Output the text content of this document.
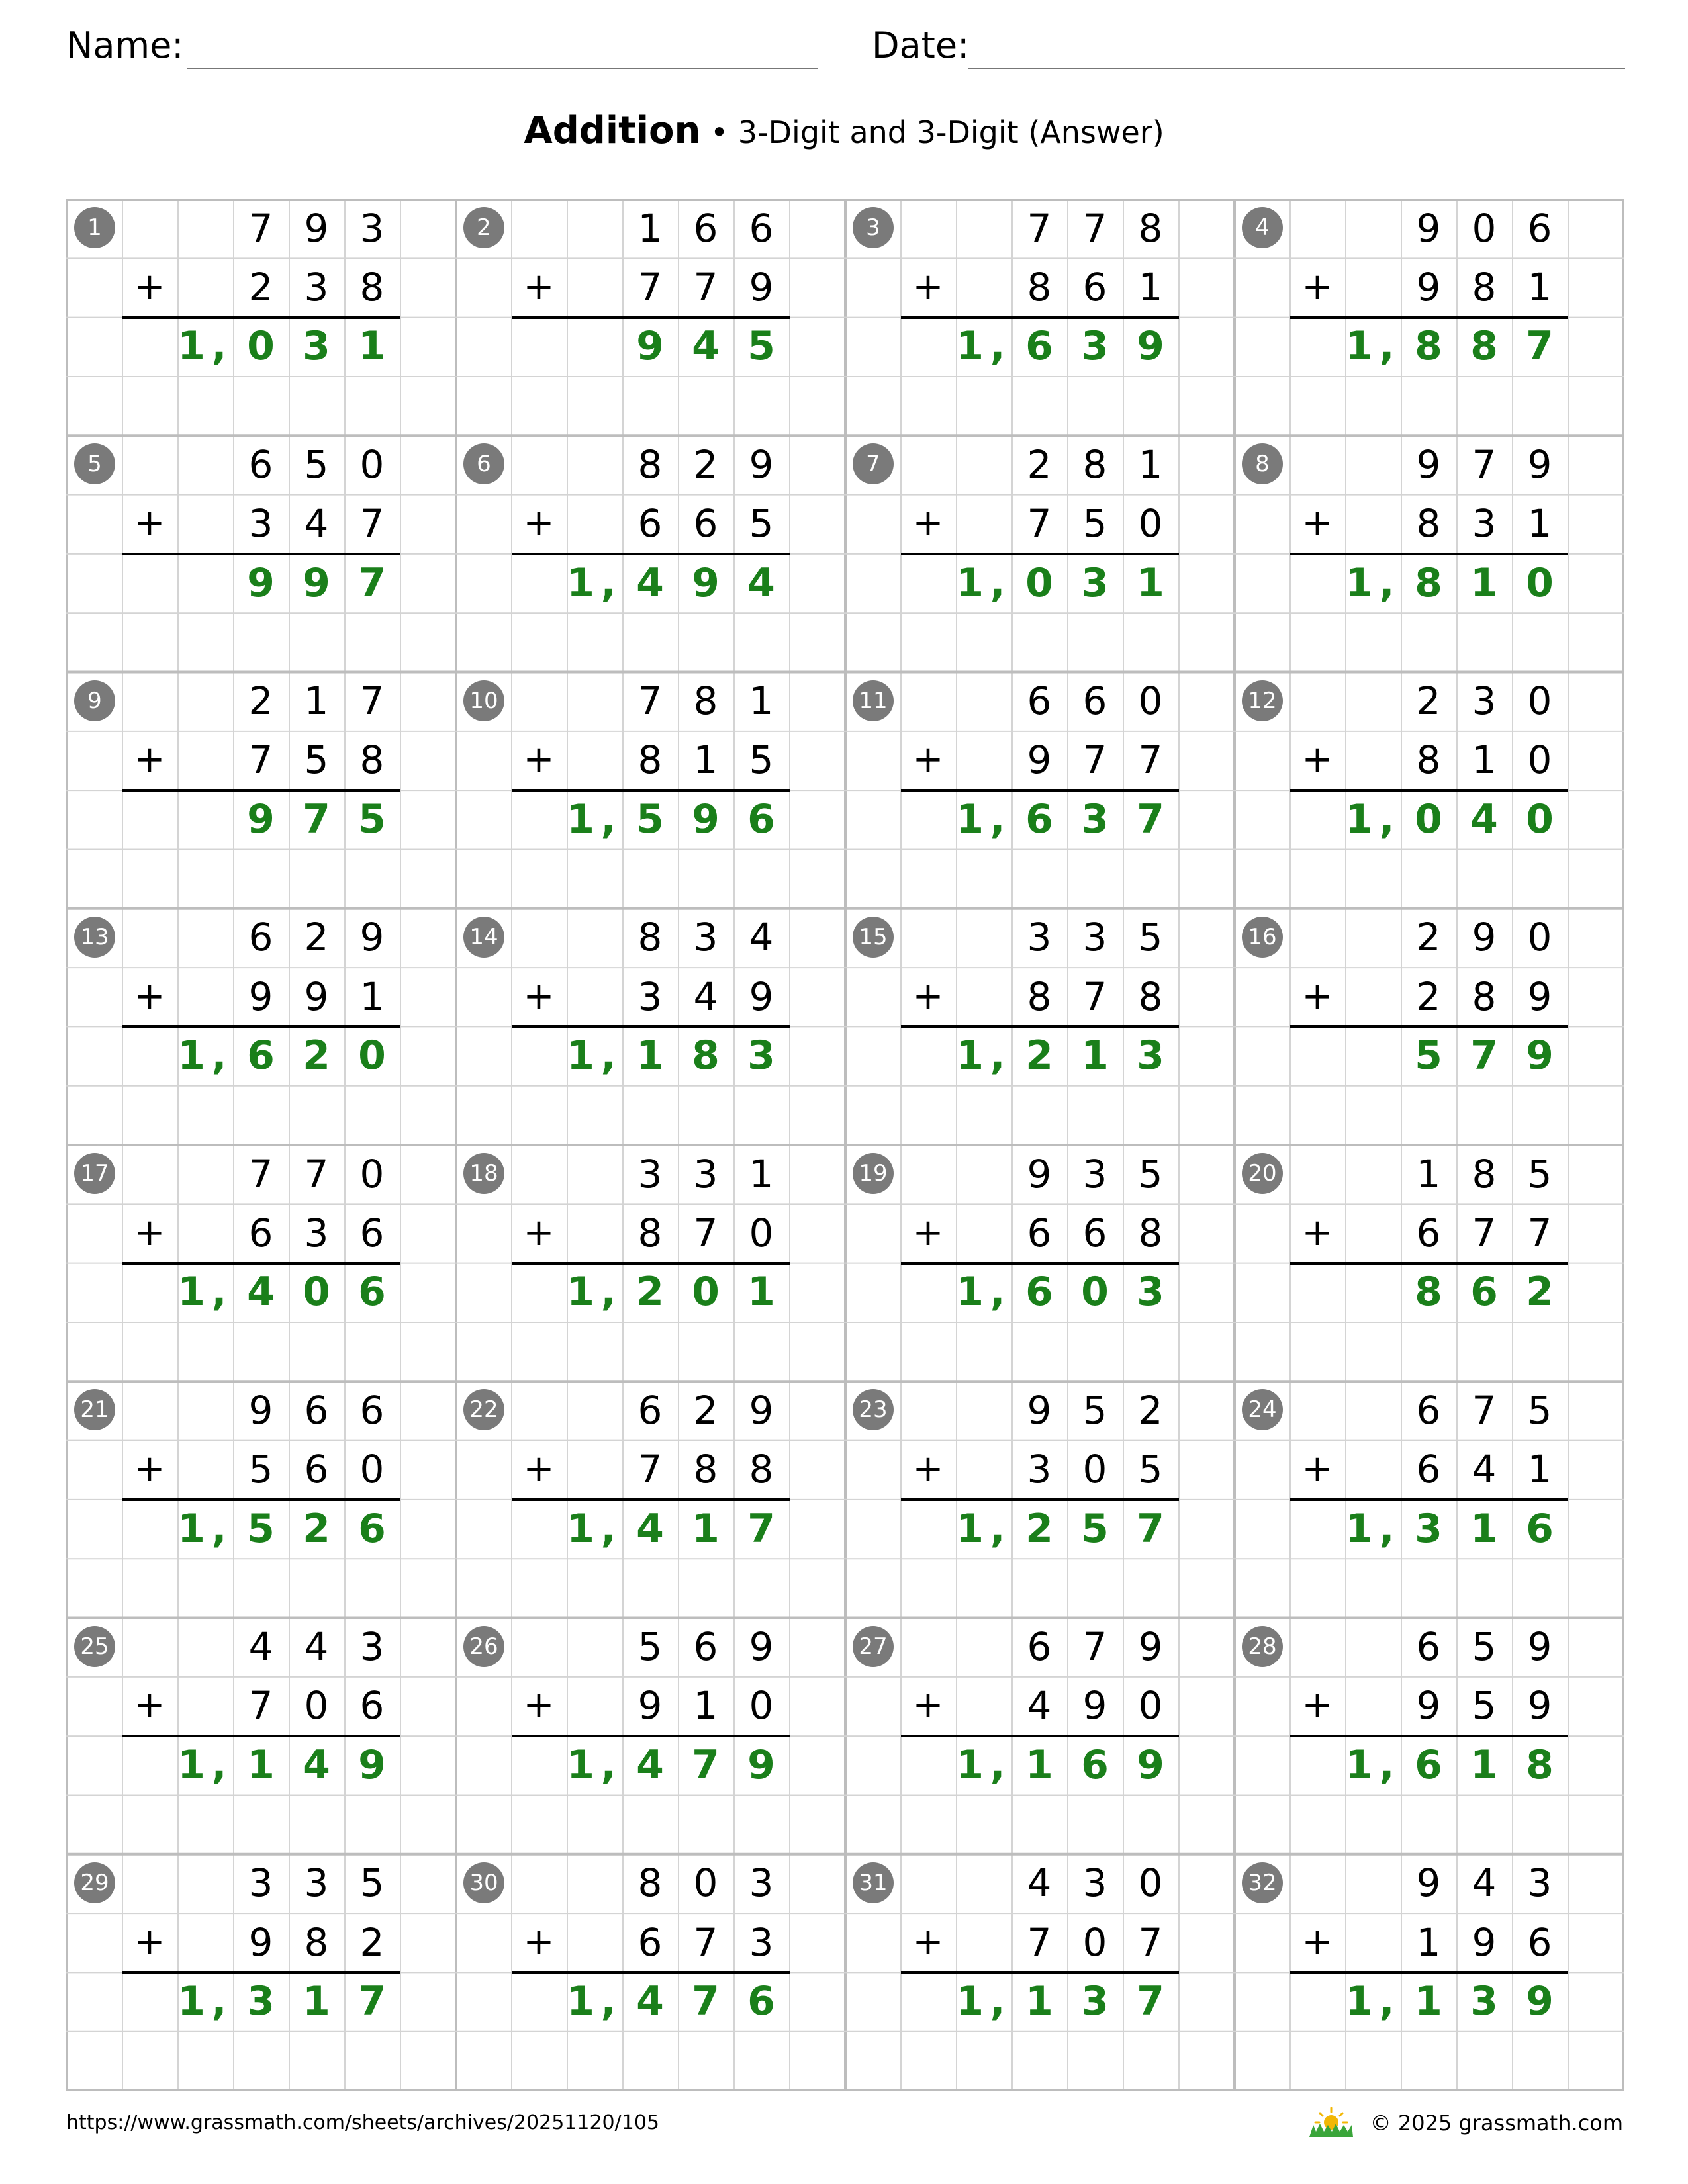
Name:	Date:
Addition • 3-Digit and 3-Digit (Answer)
1	7 9 3
+	2 3 8
1 , 0 3 1
2	1 6 6
+	7 7 9
9 4 5
3	7 7 8
+	8 6 1
1 , 6 3 9
4	9 0 6
+	9 8 1
1 , 8 8 7
5	6 5 0
+	3 4 7
9 9 7
6	8 2 9
+	6 6 5
1 , 4 9 4
7	2 8 1
+	7 5 0
1 , 0 3 1
8	9 7 9
+	8 3 1
1 , 8 1 0
9	2 1 7
+	7 5 8
9 7 5
10	7 8 1
+	8 1 5
1 , 5 9 6
11	6 6 0
+	9 7 7
1 , 6 3 7
12	2 3 0
+	8 1 0
1 , 0 4 0
13	6 2 9
+	9 9 1
1 , 6 2 0
14	8 3 4
+	3 4 9
1 , 1 8 3
15	3 3 5
+	8 7 8
1 , 2 1 3
16	2 9 0
+	2 8 9
5 7 9
17	7 7 0
+	6 3 6
1 , 4 0 6
18	3 3 1
+	8 7 0
1 , 2 0 1
19	9 3 5
+	6 6 8
1 , 6 0 3
20	1 8 5
+	6 7 7
8 6 2
21	9 6 6
+	5 6 0
1 , 5 2 6
22	6 2 9
+	7 8 8
1 , 4 1 7
23	9 5 2
+	3 0 5
1 , 2 5 7
24	6 7 5
+	6 4 1
1 , 3 1 6
25	4 4 3
+	7 0 6
1 , 1 4 9
26	5 6 9
+	9 1 0
1 , 4 7 9
27	6 7 9
+	4 9 0
1 , 1 6 9
28	6 5 9
+	9 5 9
1 , 6 1 8
29	3 3 5
+	9 8 2
1 , 3 1 7
30	8 0 3
+	6 7 3
1 , 4 7 6
31	4 3 0
+	7 0 7
1 , 1 3 7
32	9 4 3
+	1 9 6
1 , 1 3 9
https://www.grassmath.com/sheets/archives/20251120/105	© 2025 grassmath.com
